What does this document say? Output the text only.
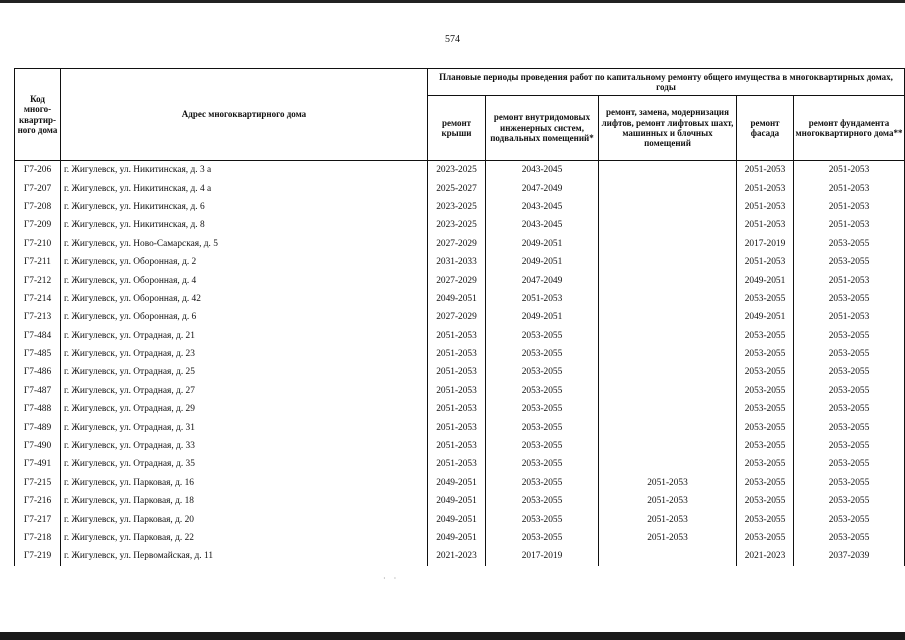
574
Код много-квартир-ного дома	Адрес многоквартирного дома	Плановые периоды проведения работ по капитальному ремонту общего имущества в многоквартирных домах, годы				
		ремонт крыши	ремонт внутридомовых инженерных систем, подвальных помещений*	ремонт, замена, модернизация лифтов, ремонт лифтовых шахт, машинных и блочных помещений	ремонт фасада	ремонт фундамента многоквартирного дома**
Г7-206	г. Жигулевск, ул. Никитинская, д. 3 а	2023-2025	2043-2045		2051-2053	2051-2053
Г7-207	г. Жигулевск, ул. Никитинская, д. 4 а	2025-2027	2047-2049		2051-2053	2051-2053
Г7-208	г. Жигулевск, ул. Никитинская, д. 6	2023-2025	2043-2045		2051-2053	2051-2053
Г7-209	г. Жигулевск, ул. Никитинская, д. 8	2023-2025	2043-2045		2051-2053	2051-2053
Г7-210	г. Жигулевск, ул. Ново-Самарская, д. 5	2027-2029	2049-2051		2017-2019	2053-2055
Г7-211	г. Жигулевск, ул. Оборонная, д. 2	2031-2033	2049-2051		2051-2053	2053-2055
Г7-212	г. Жигулевск, ул. Оборонная, д. 4	2027-2029	2047-2049		2049-2051	2051-2053
Г7-214	г. Жигулевск, ул. Оборонная, д. 42	2049-2051	2051-2053		2053-2055	2053-2055
Г7-213	г. Жигулевск, ул. Оборонная, д. 6	2027-2029	2049-2051		2049-2051	2051-2053
Г7-484	г. Жигулевск, ул. Отрадная, д. 21	2051-2053	2053-2055		2053-2055	2053-2055
Г7-485	г. Жигулевск, ул. Отрадная, д. 23	2051-2053	2053-2055		2053-2055	2053-2055
Г7-486	г. Жигулевск, ул. Отрадная, д. 25	2051-2053	2053-2055		2053-2055	2053-2055
Г7-487	г. Жигулевск, ул. Отрадная, д. 27	2051-2053	2053-2055		2053-2055	2053-2055
Г7-488	г. Жигулевск, ул. Отрадная, д. 29	2051-2053	2053-2055		2053-2055	2053-2055
Г7-489	г. Жигулевск, ул. Отрадная, д. 31	2051-2053	2053-2055		2053-2055	2053-2055
Г7-490	г. Жигулевск, ул. Отрадная, д. 33	2051-2053	2053-2055		2053-2055	2053-2055
Г7-491	г. Жигулевск, ул. Отрадная, д. 35	2051-2053	2053-2055		2053-2055	2053-2055
Г7-215	г. Жигулевск, ул. Парковая, д. 16	2049-2051	2053-2055	2051-2053	2053-2055	2053-2055
Г7-216	г. Жигулевск, ул. Парковая, д. 18	2049-2051	2053-2055	2051-2053	2053-2055	2053-2055
Г7-217	г. Жигулевск, ул. Парковая, д. 20	2049-2051	2053-2055	2051-2053	2053-2055	2053-2055
Г7-218	г. Жигулевск, ул. Парковая, д. 22	2049-2051	2053-2055	2051-2053	2053-2055	2053-2055
Г7-219	г. Жигулевск, ул. Первомайская, д. 11	2021-2023	2017-2019		2021-2023	2037-2039
· ·
